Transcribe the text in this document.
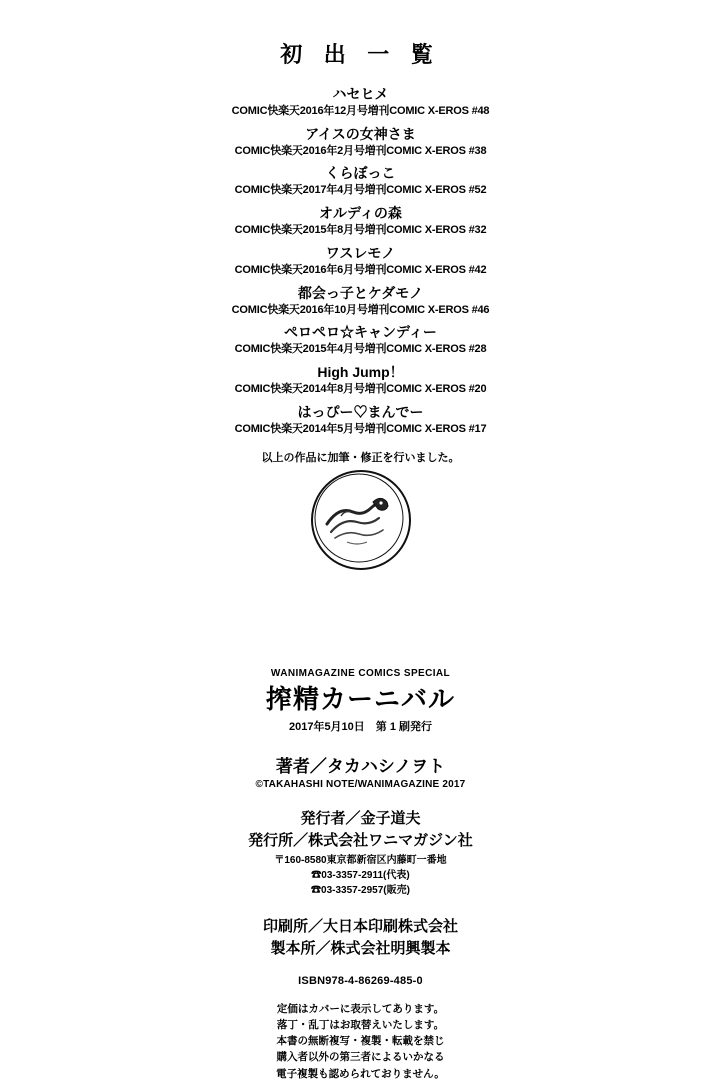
初 出 一 覧
ハセヒメ
COMIC快楽天2016年12月号増刊COMIC X-EROS #48
アイスの女神さま
COMIC快楽天2016年2月号増刊COMIC X-EROS #38
くらぼっこ
COMIC快楽天2017年4月号増刊COMIC X-EROS #52
オルディの森
COMIC快楽天2015年8月号増刊COMIC X-EROS #32
ワスレモノ
COMIC快楽天2016年6月号増刊COMIC X-EROS #42
都会っ子とケダモノ
COMIC快楽天2016年10月号増刊COMIC X-EROS #46
ペロペロ☆キャンディー
COMIC快楽天2015年4月号増刊COMIC X-EROS #28
High Jump！
COMIC快楽天2014年8月号増刊COMIC X-EROS #20
はっぴー♡まんでー
COMIC快楽天2014年5月号増刊COMIC X-EROS #17
以上の作品に加筆・修正を行いました。
WANIMAGAZINE COMICS SPECIAL
搾精カーニバル
2017年5月10日　第 1 刷発行
著者／タカハシノヲト
©TAKAHASHI NOTE/WANIMAGAZINE 2017
発行者／金子道夫
発行所／株式会社ワニマガジン社
〒160-8580東京都新宿区内藤町一番地
☎03-3357-2911(代表)
☎03-3357-2957(販売)
印刷所／大日本印刷株式会社
製本所／株式会社明興製本
ISBN978-4-86269-485-0
定価はカバーに表示してあります。
落丁・乱丁はお取替えいたします。
本書の無断複写・複製・転載を禁じ
購入者以外の第三者によるいかなる
電子複製も認められておりません。
